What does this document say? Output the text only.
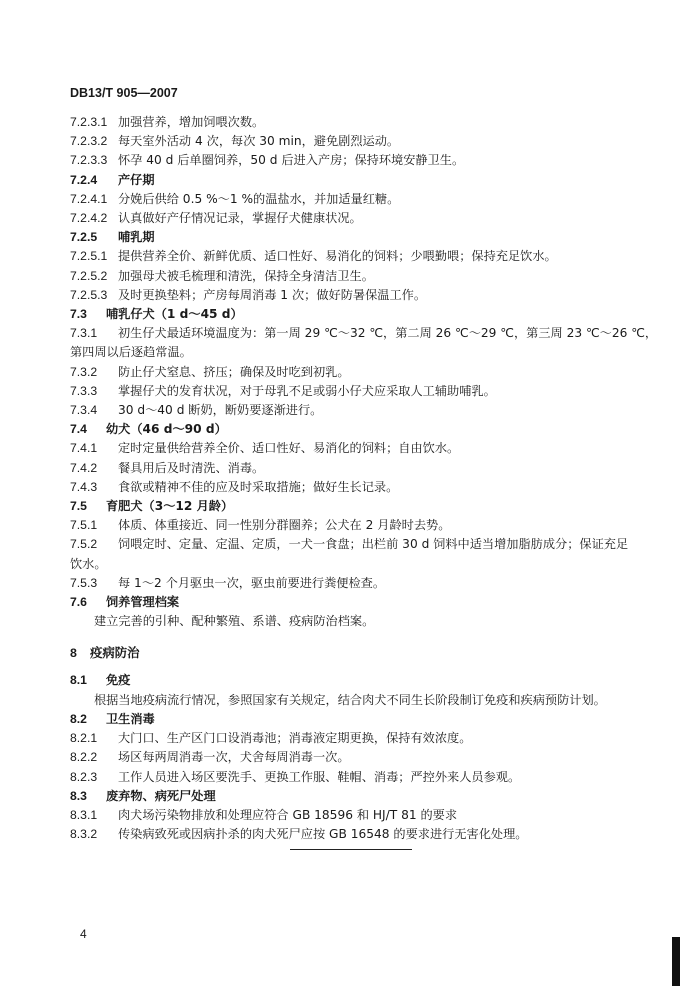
DB13/T 905—2007
7.2.3.1 加强营养，增加饲喂次数。
7.2.3.2 每天室外活动 4 次，每次 30 min，避免剧烈运动。
7.2.3.3 怀孕 40 d 后单圈饲养，50 d 后进入产房；保持环境安静卫生。
7.2.4 产仔期
7.2.4.1 分娩后供给 0.5 %～1 %的温盐水，并加适量红糖。
7.2.4.2 认真做好产仔情况记录，掌握仔犬健康状况。
7.2.5 哺乳期
7.2.5.1 提供营养全价、新鲜优质、适口性好、易消化的饲料；少喂勤喂；保持充足饮水。
7.2.5.2 加强母犬被毛梳理和清洗，保持全身清洁卫生。
7.2.5.3 及时更换垫料；产房每周消毒 1 次；做好防暑保温工作。
7.3 哺乳仔犬（1 d～45 d）
7.3.1 初生仔犬最适环境温度为：第一周 29 ℃～32 ℃，第二周 26 ℃～29 ℃，第三周 23 ℃～26 ℃，
第四周以后逐趋常温。
7.3.2 防止仔犬窒息、挤压；确保及时吃到初乳。
7.3.3 掌握仔犬的发育状况，对于母乳不足或弱小仔犬应采取人工辅助哺乳。
7.3.4 30 d～40 d 断奶，断奶要逐渐进行。
7.4 幼犬（46 d～90 d）
7.4.1 定时定量供给营养全价、适口性好、易消化的饲料；自由饮水。
7.4.2 餐具用后及时清洗、消毒。
7.4.3 食欲或精神不佳的应及时采取措施；做好生长记录。
7.5 育肥犬（3～12 月龄）
7.5.1 体质、体重接近、同一性别分群圈养；公犬在 2 月龄时去势。
7.5.2 饲喂定时、定量、定温、定质，一犬一食盘；出栏前 30 d 饲料中适当增加脂肪成分；保证充足
饮水。
7.5.3 每 1～2 个月驱虫一次，驱虫前要进行粪便检查。
7.6 饲养管理档案
建立完善的引种、配种繁殖、系谱、疫病防治档案。
8 疫病防治
8.1 免疫
根据当地疫病流行情况，参照国家有关规定，结合肉犬不同生长阶段制订免疫和疾病预防计划。
8.2 卫生消毒
8.2.1 大门口、生产区门口设消毒池；消毒液定期更换，保持有效浓度。
8.2.2 场区每两周消毒一次，犬舍每周消毒一次。
8.2.3 工作人员进入场区要洗手、更换工作服、鞋帽、消毒；严控外来人员参观。
8.3 废弃物、病死尸处理
8.3.1 肉犬场污染物排放和处理应符合 GB 18596 和 HJ/T 81 的要求
8.3.2 传染病致死或因病扑杀的肉犬死尸应按 GB 16548 的要求进行无害化处理。
4
